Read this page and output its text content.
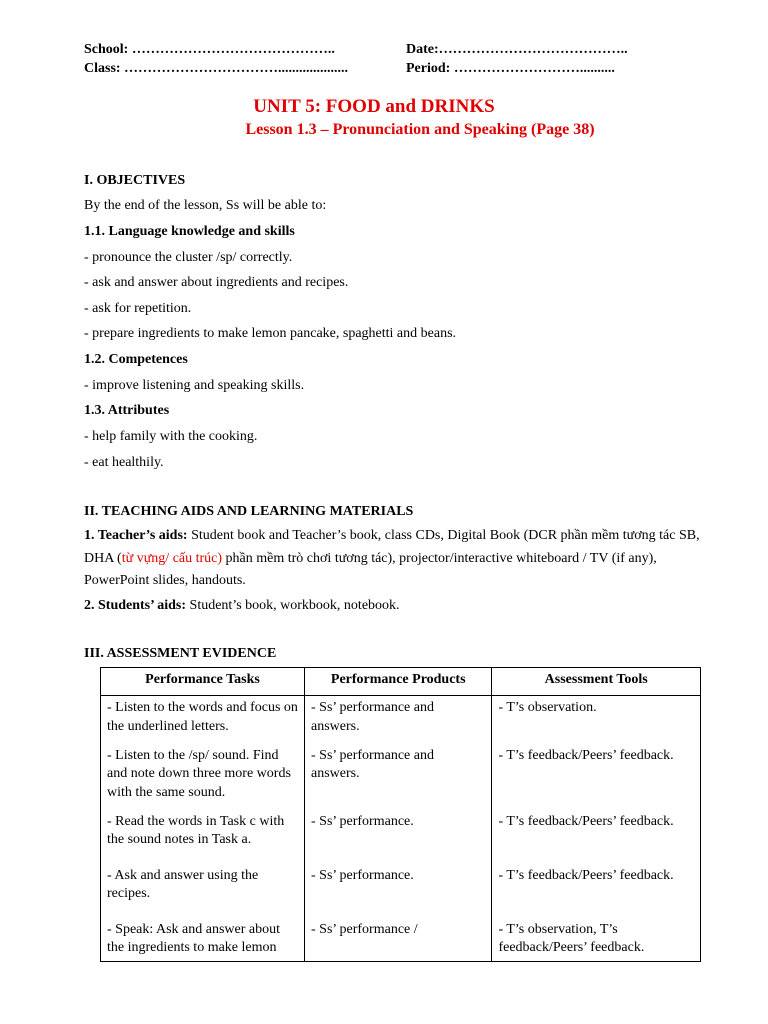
School: ……………………………………..	Date:…………………………………..
Class: ……………………………....................	Period: ………………………..........
UNIT 5: FOOD and DRINKS
Lesson 1.3 – Pronunciation and Speaking (Page 38)
I. OBJECTIVES
By the end of the lesson, Ss will be able to:
1.1. Language knowledge and skills
- pronounce the cluster /sp/ correctly.
- ask and answer about ingredients and recipes.
- ask for repetition.
- prepare ingredients to make lemon pancake, spaghetti and beans.
1.2. Competences
- improve listening and speaking skills.
1.3. Attributes
- help family with the cooking.
- eat healthily.
II. TEACHING AIDS AND LEARNING MATERIALS
1. Teacher’s aids: Student book and Teacher’s book, class CDs, Digital Book (DCR phần mềm tương tác SB, DHA (từ vựng/ cấu trúc) phần mềm trò chơi tương tác), projector/interactive whiteboard / TV (if any), PowerPoint slides, handouts.
2. Students’ aids: Student’s book, workbook, notebook.
III. ASSESSMENT EVIDENCE
Performance Tasks	Performance Products	Assessment Tools
- Listen to the words and focus on the underlined letters.	- Ss’ performance and answers.	- T’s observation.
- Listen to the /sp/ sound. Find and note down three more words with the same sound.	- Ss’ performance and answers.	- T’s feedback/Peers’ feedback.
- Read the words in Task c with the sound notes in Task a.	- Ss’ performance.	- T’s feedback/Peers’ feedback.
- Ask and answer using the recipes.	- Ss’ performance.	- T’s feedback/Peers’ feedback.
- Speak: Ask and answer about the ingredients to make lemon	- Ss’ performance /	- T’s observation, T’s feedback/Peers’ feedback.
